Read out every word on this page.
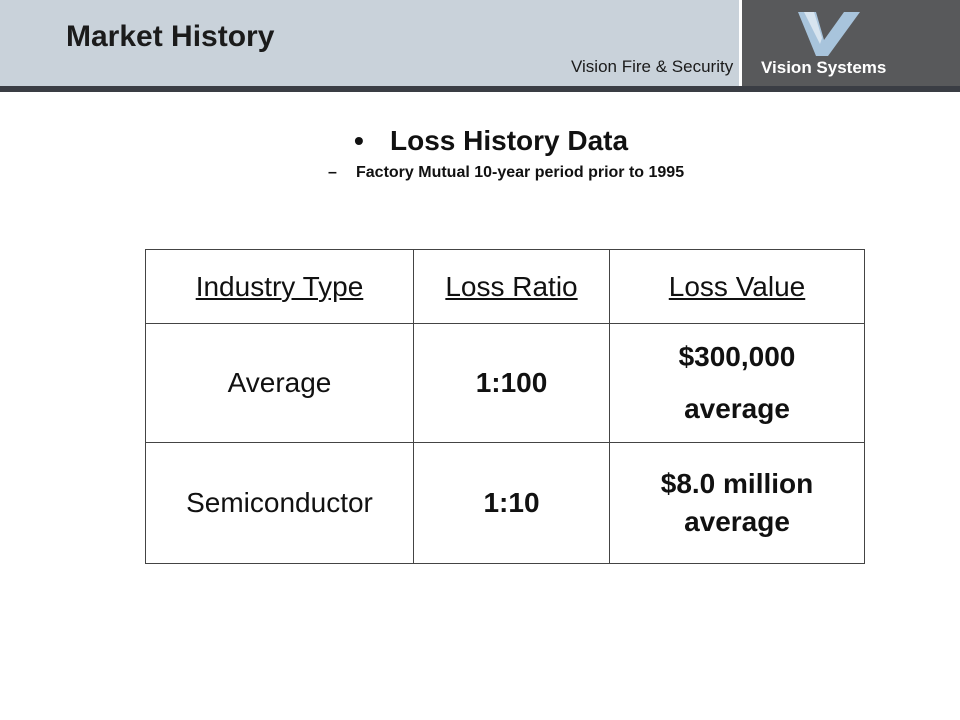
Market History
Vision Fire & Security Vision Systems
• Loss History Data
– Factory Mutual 10-year period prior to 1995
Industry Type	Loss Ratio	Loss Value
Average	1:100	$300,000
average

Semiconductor	1:10	$8.0 million
average
